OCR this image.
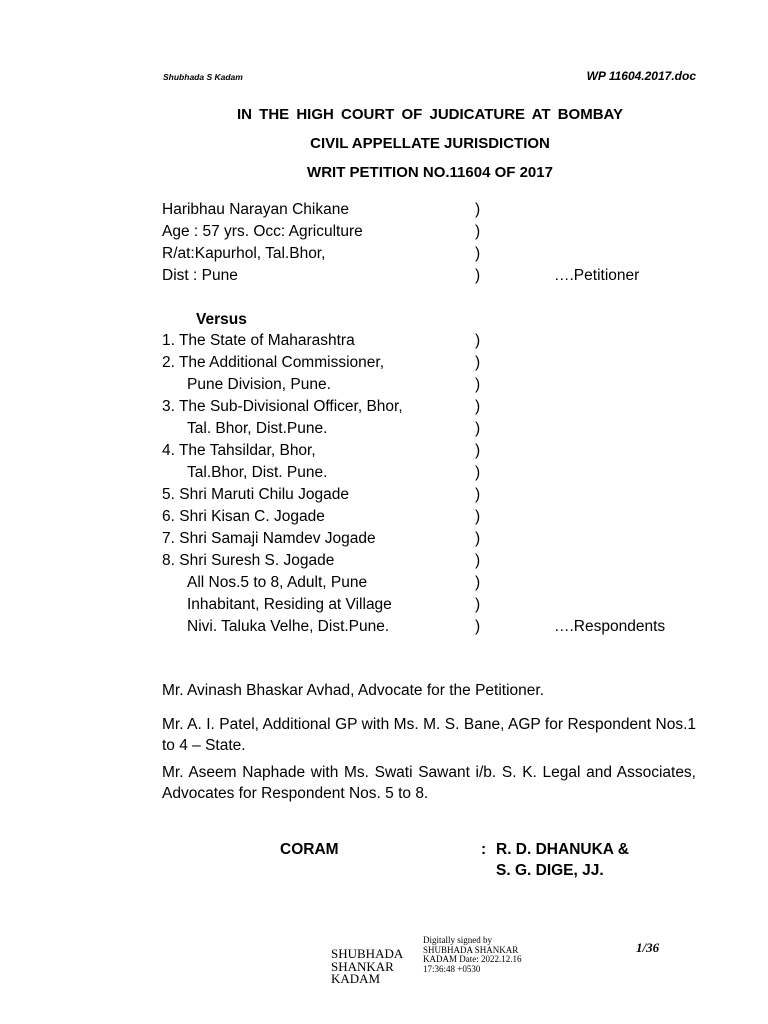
Shubhada S Kadam	WP 11604.2017.doc
IN THE HIGH COURT OF JUDICATURE AT BOMBAY
CIVIL APPELLATE JURISDICTION
WRIT PETITION NO.11604 OF 2017
Haribhau Narayan Chikane	)
Age : 57 yrs. Occ: Agriculture	)
R/at:Kapurhol, Tal.Bhor,	)
Dist : Pune	)	….Petitioner
Versus
1. The State of Maharashtra	)
2. The Additional Commissioner,	)
Pune Division, Pune.	)
3. The Sub-Divisional Officer, Bhor,	)
Tal. Bhor, Dist.Pune.	)
4. The Tahsildar, Bhor,	)
Tal.Bhor, Dist. Pune.	)
5. Shri Maruti Chilu Jogade	)
6. Shri Kisan C. Jogade	)
7. Shri Samaji Namdev Jogade	)
8. Shri Suresh S. Jogade	)
All Nos.5 to 8, Adult, Pune	)
Inhabitant, Residing at Village	)
Nivi. Taluka Velhe, Dist.Pune.	)	….Respondents
Mr. Avinash Bhaskar Avhad, Advocate for the Petitioner.
Mr. A. I. Patel, Additional GP with Ms. M. S. Bane, AGP for Respondent Nos.1 to 4 – State.
Mr. Aseem Naphade with Ms. Swati Sawant i/b. S. K. Legal and Associates, Advocates for Respondent Nos. 5 to 8.
CORAM	: R. D. DHANUKA &
S. G. DIGE, JJ.
SHUBHADA SHANKAR KADAM
Digitally signed by SHUBHADA SHANKAR KADAM Date: 2022.12.16 17:36:48 +0530
1/36
